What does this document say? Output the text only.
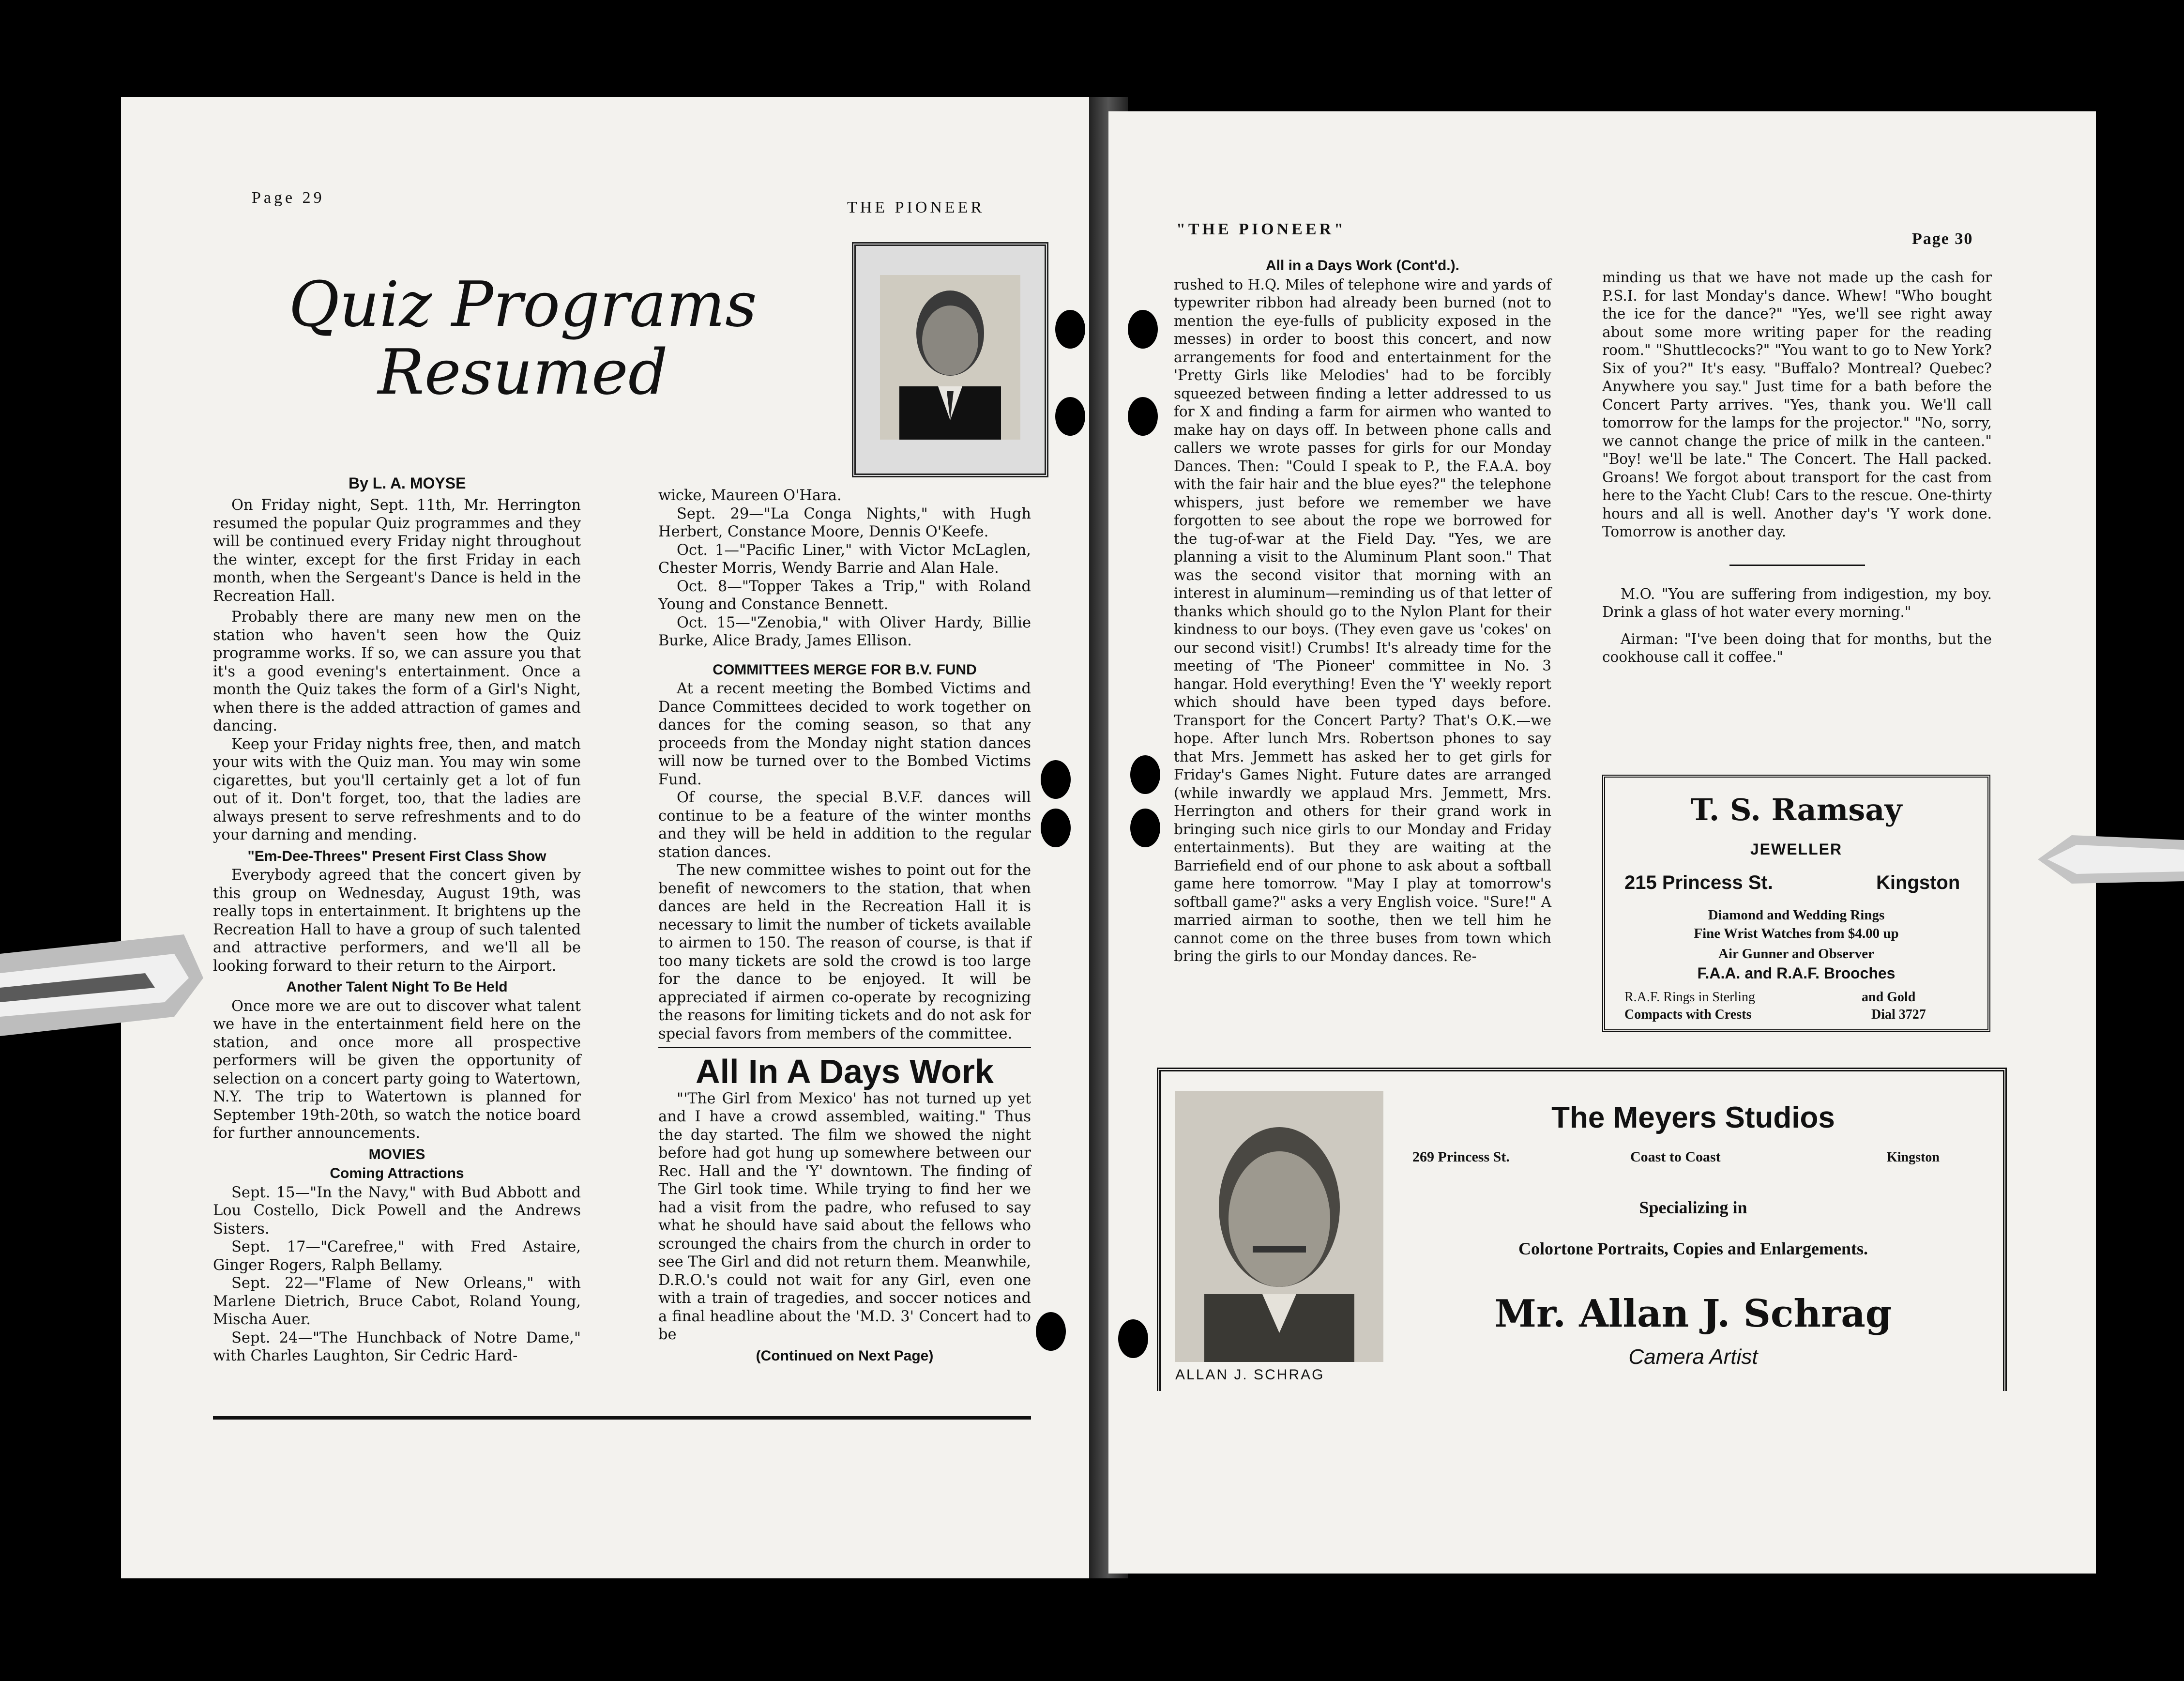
Page 29
THE PIONEER
Quiz Programs
Resumed
By L. A. MOYSE

On Friday night, Sept. 11th, Mr. Herrington resumed the popular Quiz programmes and they will be continued every Friday night throughout the winter, except for the first Friday in each month, when the Sergeant's Dance is held in the Recreation Hall.

Probably there are many new men on the station who haven't seen how the Quiz programme works. If so, we can assure you that it's a good evening's entertainment. Once a month the Quiz takes the form of a Girl's Night, when there is the added attraction of games and dancing.

Keep your Friday nights free, then, and match your wits with the Quiz man. You may win some cigarettes, but you'll certainly get a lot of fun out of it. Don't forget, too, that the ladies are always present to serve refreshments and to do your darning and mending.

"Em-Dee-Threes" Present First Class Show

Everybody agreed that the concert given by this group on Wednesday, August 19th, was really tops in entertainment. It brightens up the Recreation Hall to have a group of such talented and attractive performers, and we'll all be looking forward to their return to the Airport.

Another Talent Night To Be Held

Once more we are out to discover what talent we have in the entertainment field here on the station, and once more all prospective performers will be given the opportunity of selection on a concert party going to Watertown, N.Y. The trip to Watertown is planned for September 19th-20th, so watch the notice board for further announcements.

MOVIES

Coming Attractions

Sept. 15—"In the Navy," with Bud Abbott and Lou Costello, Dick Powell and the Andrews Sisters.

Sept. 17—"Carefree," with Fred Astaire, Ginger Rogers, Ralph Bellamy.

Sept. 22—"Flame of New Orleans," with Marlene Dietrich, Bruce Cabot, Roland Young, Mischa Auer.

Sept. 24—"The Hunchback of Notre Dame," with Charles Laughton, Sir Cedric Hard-

wicke, Maureen O'Hara.

Sept. 29—"La Conga Nights," with Hugh Herbert, Constance Moore, Dennis O'Keefe.

Oct. 1—"Pacific Liner," with Victor McLaglen, Chester Morris, Wendy Barrie and Alan Hale.

Oct. 8—"Topper Takes a Trip," with Roland Young and Constance Bennett.

Oct. 15—"Zenobia," with Oliver Hardy, Billie Burke, Alice Brady, James Ellison.

COMMITTEES MERGE FOR B.V. FUND

At a recent meeting the Bombed Victims and Dance Committees decided to work together on dances for the coming season, so that any proceeds from the Monday night station dances will now be turned over to the Bombed Victims Fund.

Of course, the special B.V.F. dances will continue to be a feature of the winter months and they will be held in addition to the regular station dances.

The new committee wishes to point out for the benefit of newcomers to the station, that when dances are held in the Recreation Hall it is necessary to limit the number of tickets available to airmen to 150. The reason of course, is that if too many tickets are sold the crowd is too large for the dance to be enjoyed. It will be appreciated if airmen co-operate by recognizing the reasons for limiting tickets and do not ask for special favors from members of the committee.

All In A Days Work

"'The Girl from Mexico' has not turned up yet and I have a crowd assembled, waiting." Thus the day started. The film we showed the night before had got hung up somewhere between our Rec. Hall and the 'Y' downtown. The finding of The Girl took time. While trying to find her we had a visit from the padre, who refused to say what he should have said about the fellows who scrounged the chairs from the church in order to see The Girl and did not return them. Meanwhile, D.R.O.'s could not wait for any Girl, even one with a train of tragedies, and soccer notices and a final headline about the 'M.D. 3' Concert had to be

(Continued on Next Page)

"THE PIONEER"
Page 30

All in a Days Work (Cont'd.).

rushed to H.Q. Miles of telephone wire and yards of typewriter ribbon had already been burned (not to mention the eye-fulls of publicity exposed in the messes) in order to boost this concert, and now arrangements for food and entertainment for the 'Pretty Girls like Melodies' had to be forcibly squeezed between finding a letter addressed to us for X and finding a farm for airmen who wanted to make hay on days off. In between phone calls and callers we wrote passes for girls for our Monday Dances. Then: "Could I speak to P., the F.A.A. boy with the fair hair and the blue eyes?" the telephone whispers, just before we remember we have forgotten to see about the rope we borrowed for the tug-of-war at the Field Day. "Yes, we are planning a visit to the Aluminum Plant soon." That was the second visitor that morning with an interest in aluminum—reminding us of that letter of thanks which should go to the Nylon Plant for their kindness to our boys. (They even gave us 'cokes' on our second visit!) Crumbs! It's already time for the meeting of 'The Pioneer' committee in No. 3 hangar. Hold everything! Even the 'Y' weekly report which should have been typed days before. Transport for the Concert Party? That's O.K.—we hope. After lunch Mrs. Robertson phones to say that Mrs. Jemmett has asked her to get girls for Friday's Games Night. Future dates are arranged (while inwardly we applaud Mrs. Jemmett, Mrs. Herrington and others for their grand work in bringing such nice girls to our Monday and Friday entertainments). But they are waiting at the Barriefield end of our phone to ask about a softball game here tomorrow. "May I play at tomorrow's softball game?" asks a very English voice. "Sure!" A married airman to soothe, then we tell him he cannot come on the three buses from town which bring the girls to our Monday dances. Re-

minding us that we have not made up the cash for P.S.I. for last Monday's dance. Whew! "Who bought the ice for the dance?" "Yes, we'll see right away about some more writing paper for the reading room." "Shuttlecocks?" "You want to go to New York? Six of you?" It's easy. "Buffalo? Montreal? Quebec? Anywhere you say." Just time for a bath before the Concert Party arrives. "Yes, thank you. We'll call tomorrow for the lamps for the projector." "No, sorry, we cannot change the price of milk in the canteen." "Boy! we'll be late." The Concert. The Hall packed. Groans! We forgot about transport for the cast from here to the Yacht Club! Cars to the rescue. One-thirty hours and all is well. Another day's 'Y work done. Tomorrow is another day.

M.O. "You are suffering from indigestion, my boy. Drink a glass of hot water every morning."

Airman: "I've been doing that for months, but the cookhouse call it coffee."

T. S. Ramsay
JEWELLER
215 Princess St.	Kingston
Diamond and Wedding Rings
Fine Wrist Watches from $4.00 up
Air Gunner and Observer
F.A.A. and R.A.F. Brooches
R.A.F. Rings in Sterling	and Gold
Compacts with Crests	Dial 3727
ALLAN J. SCHRAG
The Meyers Studios
269 Princess St.	Coast to Coast	Kingston
Specializing in
Colortone Portraits, Copies and Enlargements.
Mr. Allan J. Schrag
Camera Artist
